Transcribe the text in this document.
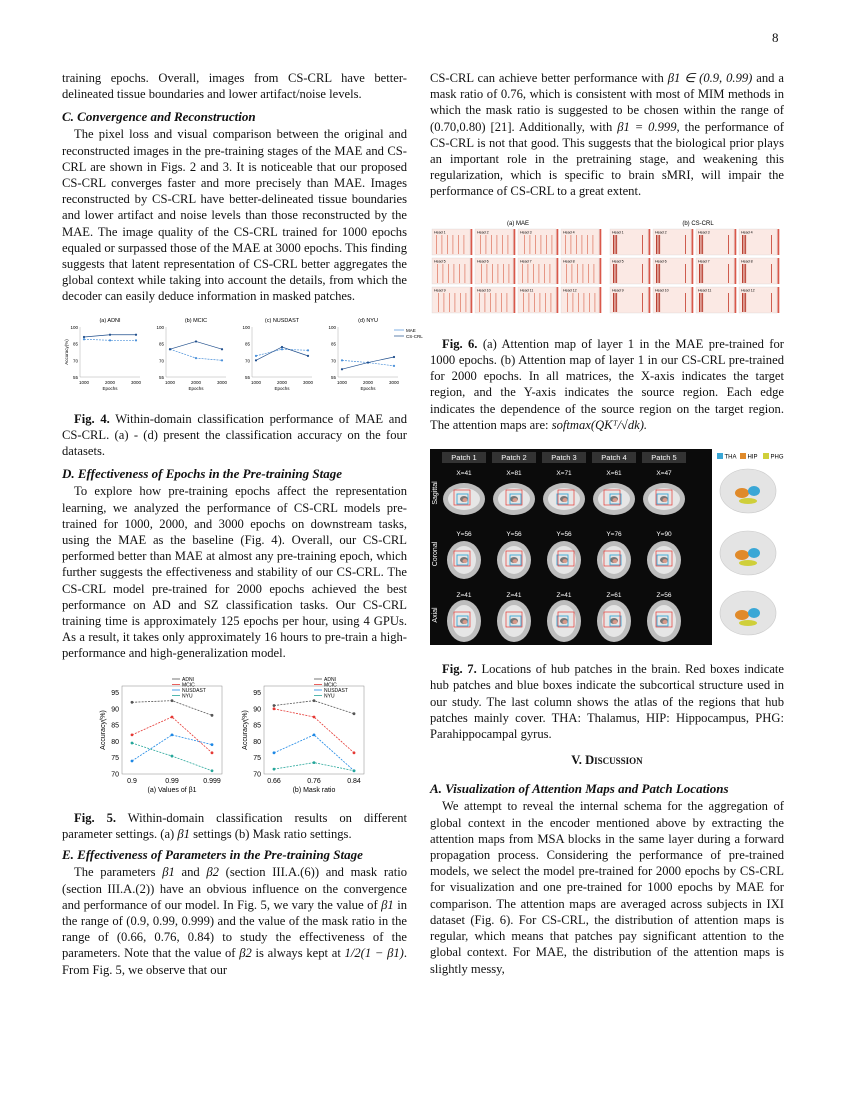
8

training epochs. Overall, images from CS-CRL have better-delineated tissue boundaries and lower artifact/noise levels.

C. Convergence and Reconstruction

The pixel loss and visual comparison between the original and reconstructed images in the pre-training stages of the MAE and CS-CRL are shown in Figs. 2 and 3. It is noticeable that our proposed CS-CRL converges faster and more precisely than MAE. Images reconstructed by CS-CRL have better-delineated tissue boundaries and lower artifact and noise levels than those reconstructed by the MAE. The image quality of the CS-CRL trained for 1000 epochs equaled or surpassed those of the MAE at 3000 epochs. This finding suggests that latent representation of CS-CRL better aggregates the global context while taking into account the details, from which the decoder can easily deduce information in masked patches.

(a) ADNI
55
70
85
100
1000	2000	3000
Epochs
Accuracy(%)
(b) MCIC
55
70
85
100
1000	2000	3000
Epochs
(c) NUSDAST
55
70
85
100
1000	2000	3000
Epochs
(d) NYU
55
70
85
100
1000	2000	3000
Epochs
MAE
CS-CRL

Fig. 4. Within-domain classification performance of MAE and CS-CRL. (a) - (d) present the classification accuracy on the four datasets.

D. Effectiveness of Epochs in the Pre-training Stage

To explore how pre-training epochs affect the representation learning, we analyzed the performance of CS-CRL models pre-trained for 1000, 2000, and 3000 epochs on downstream tasks, using the MAE as the baseline (Fig. 4). Overall, our CS-CRL performed better than MAE at almost any pre-training epoch, which further suggests the effectiveness and stability of our CS-CRL. The CS-CRL model pre-trained for 2000 epochs achieved the best performance on AD and SZ classification tasks. Our CS-CRL training time is approximately 125 epochs per hour, using 4 GPUs. As a result, it takes only approximately 16 hours to pre-train a high-performance and high-generalization model.

70
75
80
85
90
95
0.9	0.99	0.999
(a) Values of β1
Accuracy(%)
ADNI
MCIC
NUSDAST
NYU
70
75
80
85
90
95
0.66	0.76	0.84
(b) Mask ratio
Accuracy(%)
ADNI
MCIC
NUSDAST
NYU

Fig. 5. Within-domain classification results on different parameter settings. (a) β1 settings (b) Mask ratio settings.

E. Effectiveness of Parameters in the Pre-training Stage

The parameters β1 and β2 (section III.A.(6)) and mask ratio (section III.A.(2)) have an obvious influence on the convergence and performance of our model. In Fig. 5, we vary the value of β1 in the range of (0.9, 0.99, 0.999) and the value of the mask ratio in the range of (0.66, 0.76, 0.84) to study the effectiveness of the parameters. Note that the value of β2 is always kept at 1/2(1 − β1). From Fig. 5, we observe that our

CS-CRL can achieve better performance with β1 ∈ (0.9, 0.99) and a mask ratio of 0.76, which is consistent with most of MIM methods in which the mask ratio is suggested to be chosen within the range of (0.70,0.80) [21]. Additionally, with β1 = 0.999, the performance of CS-CRL is not that good. This suggests that the biological prior plays an important role in the pretraining stage, and weakening this regularization, which is specific to brain sMRI, will impair the performance of CS-CRL to a great extent.

(a) MAE	(b) CS-CRL
Head 1	Head 2	Head 3	Head 4
Head 5	Head 6	Head 7	Head 8
Head 9	Head 10	Head 11	Head 12
Head 1	Head 2	Head 3	Head 4
Head 5	Head 6	Head 7	Head 8
Head 9	Head 10	Head 11	Head 12

Fig. 6. (a) Attention map of layer 1 in the MAE pre-trained for 1000 epochs. (b) Attention map of layer 1 in our CS-CRL pre-trained for 2000 epochs. In all matrices, the X-axis indicates the target region, and the Y-axis indicates the source region. Each edge indicates the dependence of the source region on the target region. The attention maps are: softmax(QKᵀ/√dk).

Patch 1	Patch 2	Patch 3	Patch 4	Patch 5
Sagittal
X=41	X=81	X=71	X=61	X=47
Coronal
Y=56	Y=56	Y=56	Y=76	Y=90
Axial
Z=41	Z=41	Z=41	Z=61	Z=56
THA HIP PHG

Fig. 7. Locations of hub patches in the brain. Red boxes indicate hub patches and blue boxes indicate the subcortical structure used in our study. The last column shows the atlas of the regions that hub patches mainly cover. THA: Thalamus, HIP: Hippocampus, PHG: Parahippocampal gyrus.

V. Discussion
A. Visualization of Attention Maps and Patch Locations

We attempt to reveal the internal schema for the aggregation of global context in the encoder mentioned above by extracting the attention maps from MSA blocks in the same layer during a forward propagation process. Considering the performance of pre-trained models, we select the model pre-trained for 2000 epochs by CS-CRL for visualization and one pre-trained for 1000 epochs by MAE for comparison. The attention maps are averaged across subjects in IXI dataset (Fig. 6). For CS-CRL, the distribution of attention maps is regular, which means that patches pay significant attention to the global context. For MAE, the distribution of the attention maps is slightly messy,
